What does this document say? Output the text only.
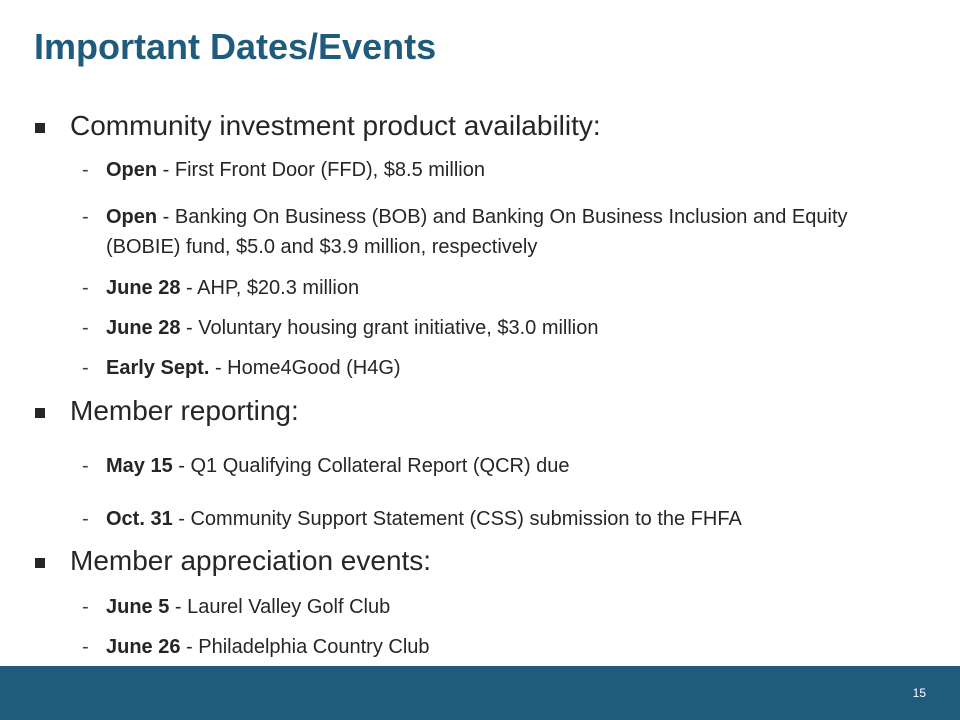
Important Dates/Events
Community investment product availability:
- Open - First Front Door (FFD), $8.5 million
- Open - Banking On Business (BOB) and Banking On Business Inclusion and Equity (BOBIE) fund, $5.0 and $3.9 million, respectively
- June 28 - AHP, $20.3 million
- June 28 - Voluntary housing grant initiative, $3.0 million
- Early Sept. - Home4Good (H4G)
Member reporting:
- May 15 - Q1 Qualifying Collateral Report (QCR) due
- Oct. 31 - Community Support Statement (CSS) submission to the FHFA
Member appreciation events:
- June 5 - Laurel Valley Golf Club
- June 26 - Philadelphia Country Club
15
